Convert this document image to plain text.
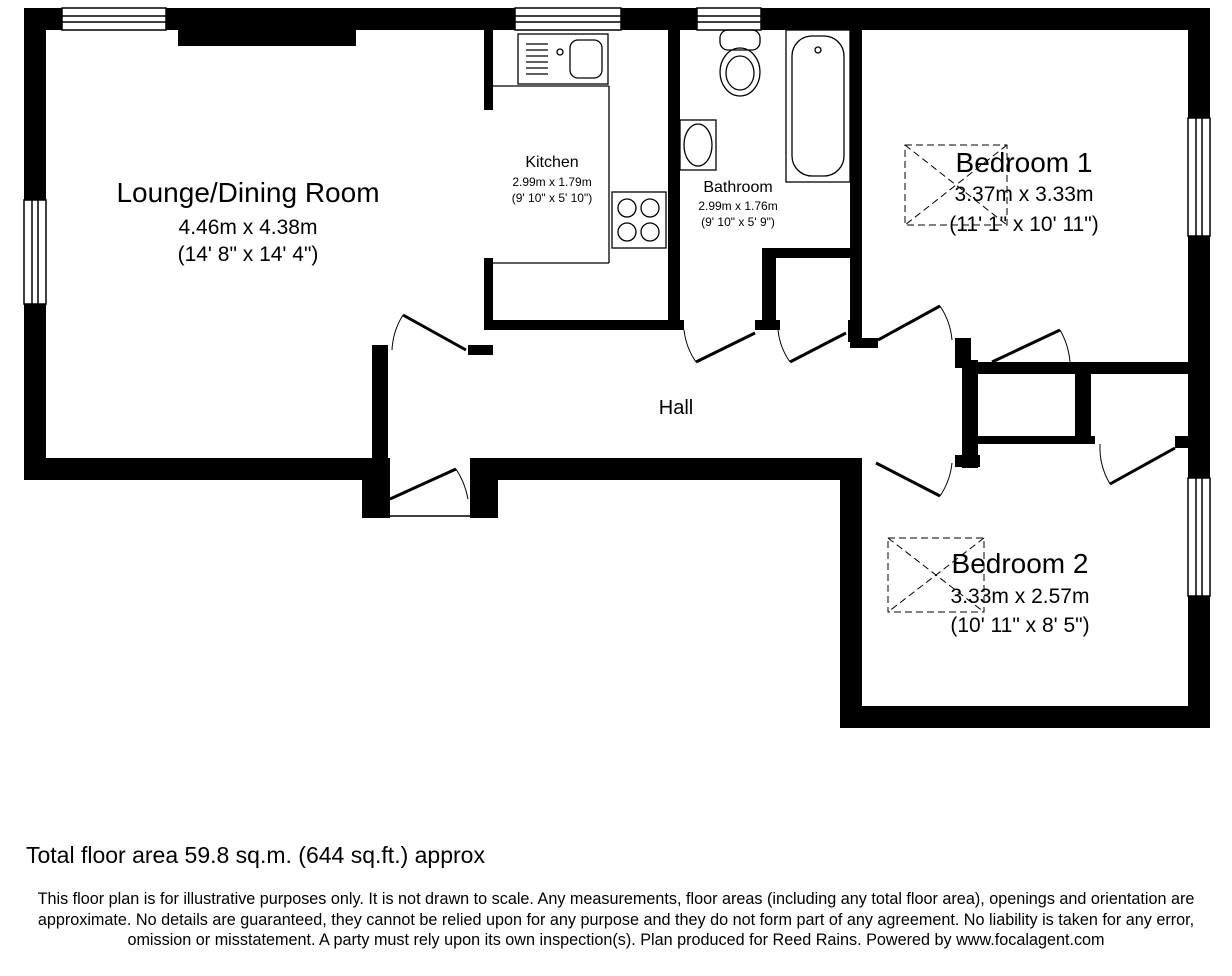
Lounge/Dining Room
4.46m x 4.38m
(14' 8" x 14' 4")
Kitchen
2.99m x 1.79m
(9' 10" x 5' 10")
Bathroom
2.99m x 1.76m
(9' 10" x 5' 9")
Bedroom 1
3.37m x 3.33m
(11' 1" x 10' 11")
Bedroom 2
3.33m x 2.57m
(10' 11" x 8' 5")
Hall
Total floor area 59.8 sq.m. (644 sq.ft.) approx
This floor plan is for illustrative purposes only. It is not drawn to scale. Any measurements, floor areas (including any total floor area), openings and orientation are approximate. No details are guaranteed, they cannot be relied upon for any purpose and they do not form part of any agreement. No liability is taken for any error, omission or misstatement. A party must rely upon its own inspection(s). Plan produced for Reed Rains. Powered by www.focalagent.com
